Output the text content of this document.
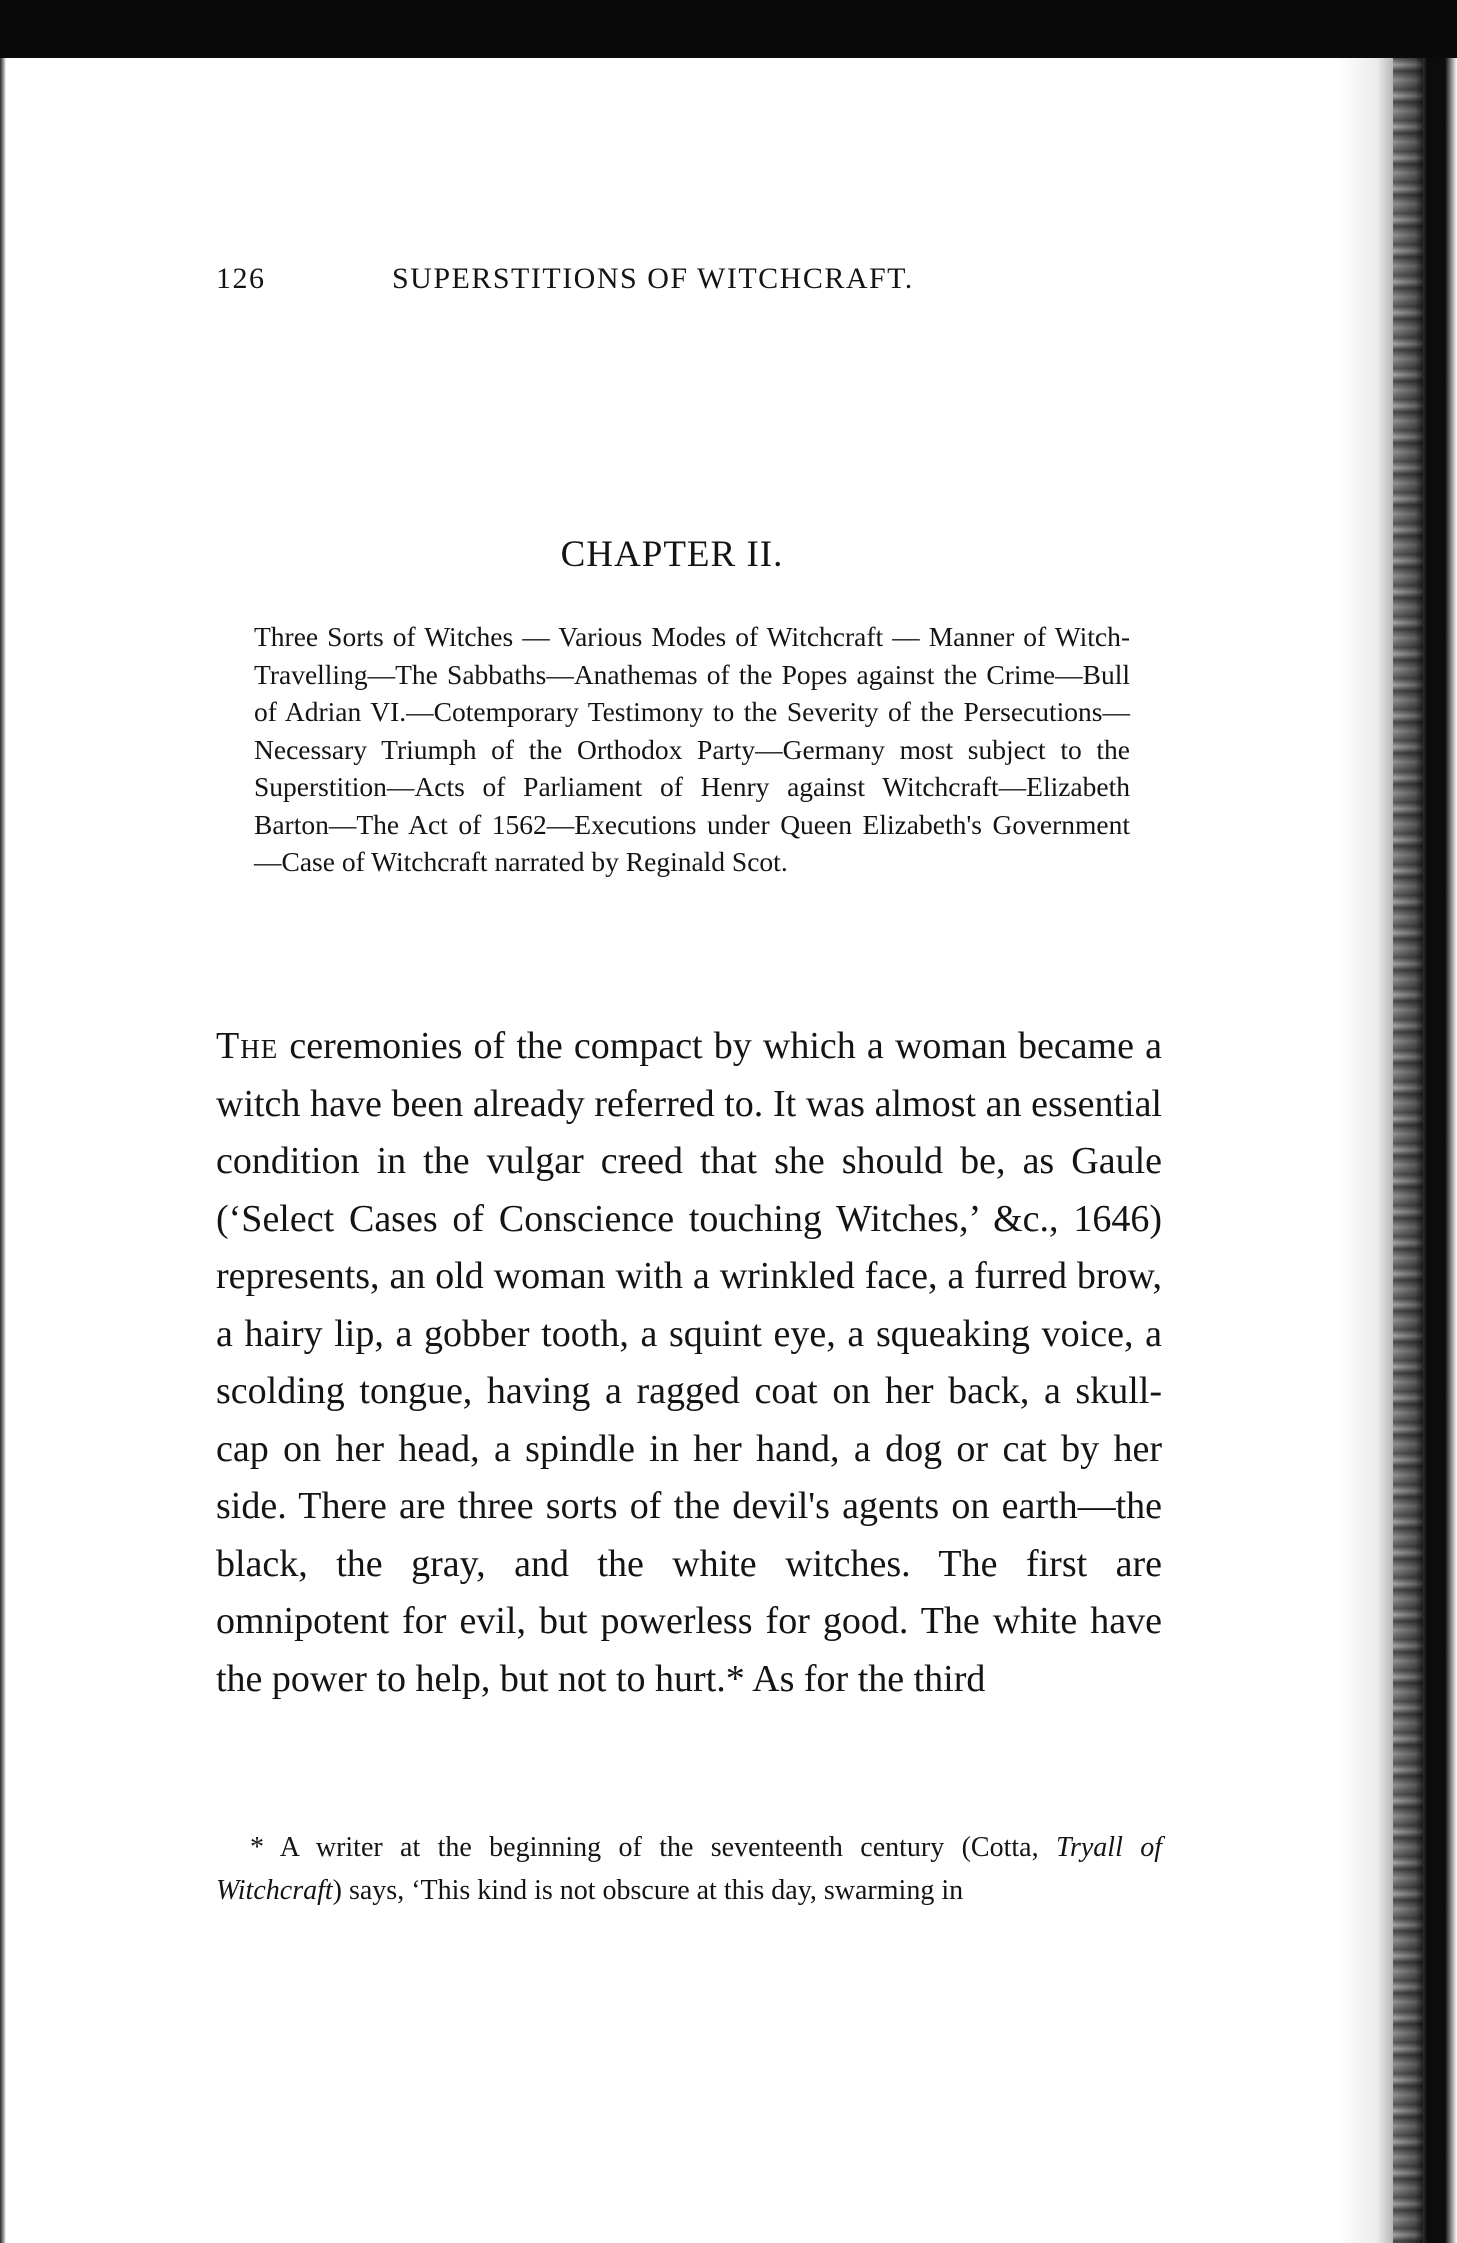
126	SUPERSTITIONS OF WITCHCRAFT.
CHAPTER II.
Three Sorts of Witches — Various Modes of Witchcraft — Manner of Witch-Travelling—The Sabbaths—Anathemas of the Popes against the Crime—Bull of Adrian VI.—Cotemporary Testimony to the Severity of the Persecutions—Necessary Triumph of the Orthodox Party—Germany most subject to the Superstition—Acts of Parliament of Henry against Witchcraft—Elizabeth Barton—The Act of 1562—Executions under Queen Elizabeth's Government—Case of Witchcraft narrated by Reginald Scot.
The ceremonies of the compact by which a woman became a witch have been already referred to. It was almost an essential condition in the vulgar creed that she should be, as Gaule (‘Select Cases of Conscience touching Witches,’ &c., 1646) represents, an old woman with a wrinkled face, a furred brow, a hairy lip, a gobber tooth, a squint eye, a squeaking voice, a scolding tongue, having a ragged coat on her back, a skull-cap on her head, a spindle in her hand, a dog or cat by her side. There are three sorts of the devil's agents on earth—the black, the gray, and the white witches. The first are omnipotent for evil, but powerless for good. The white have the power to help, but not to hurt.* As for the third
* A writer at the beginning of the seventeenth century (Cotta, Tryall of Witchcraft) says, ‘This kind is not obscure at this day, swarming in
